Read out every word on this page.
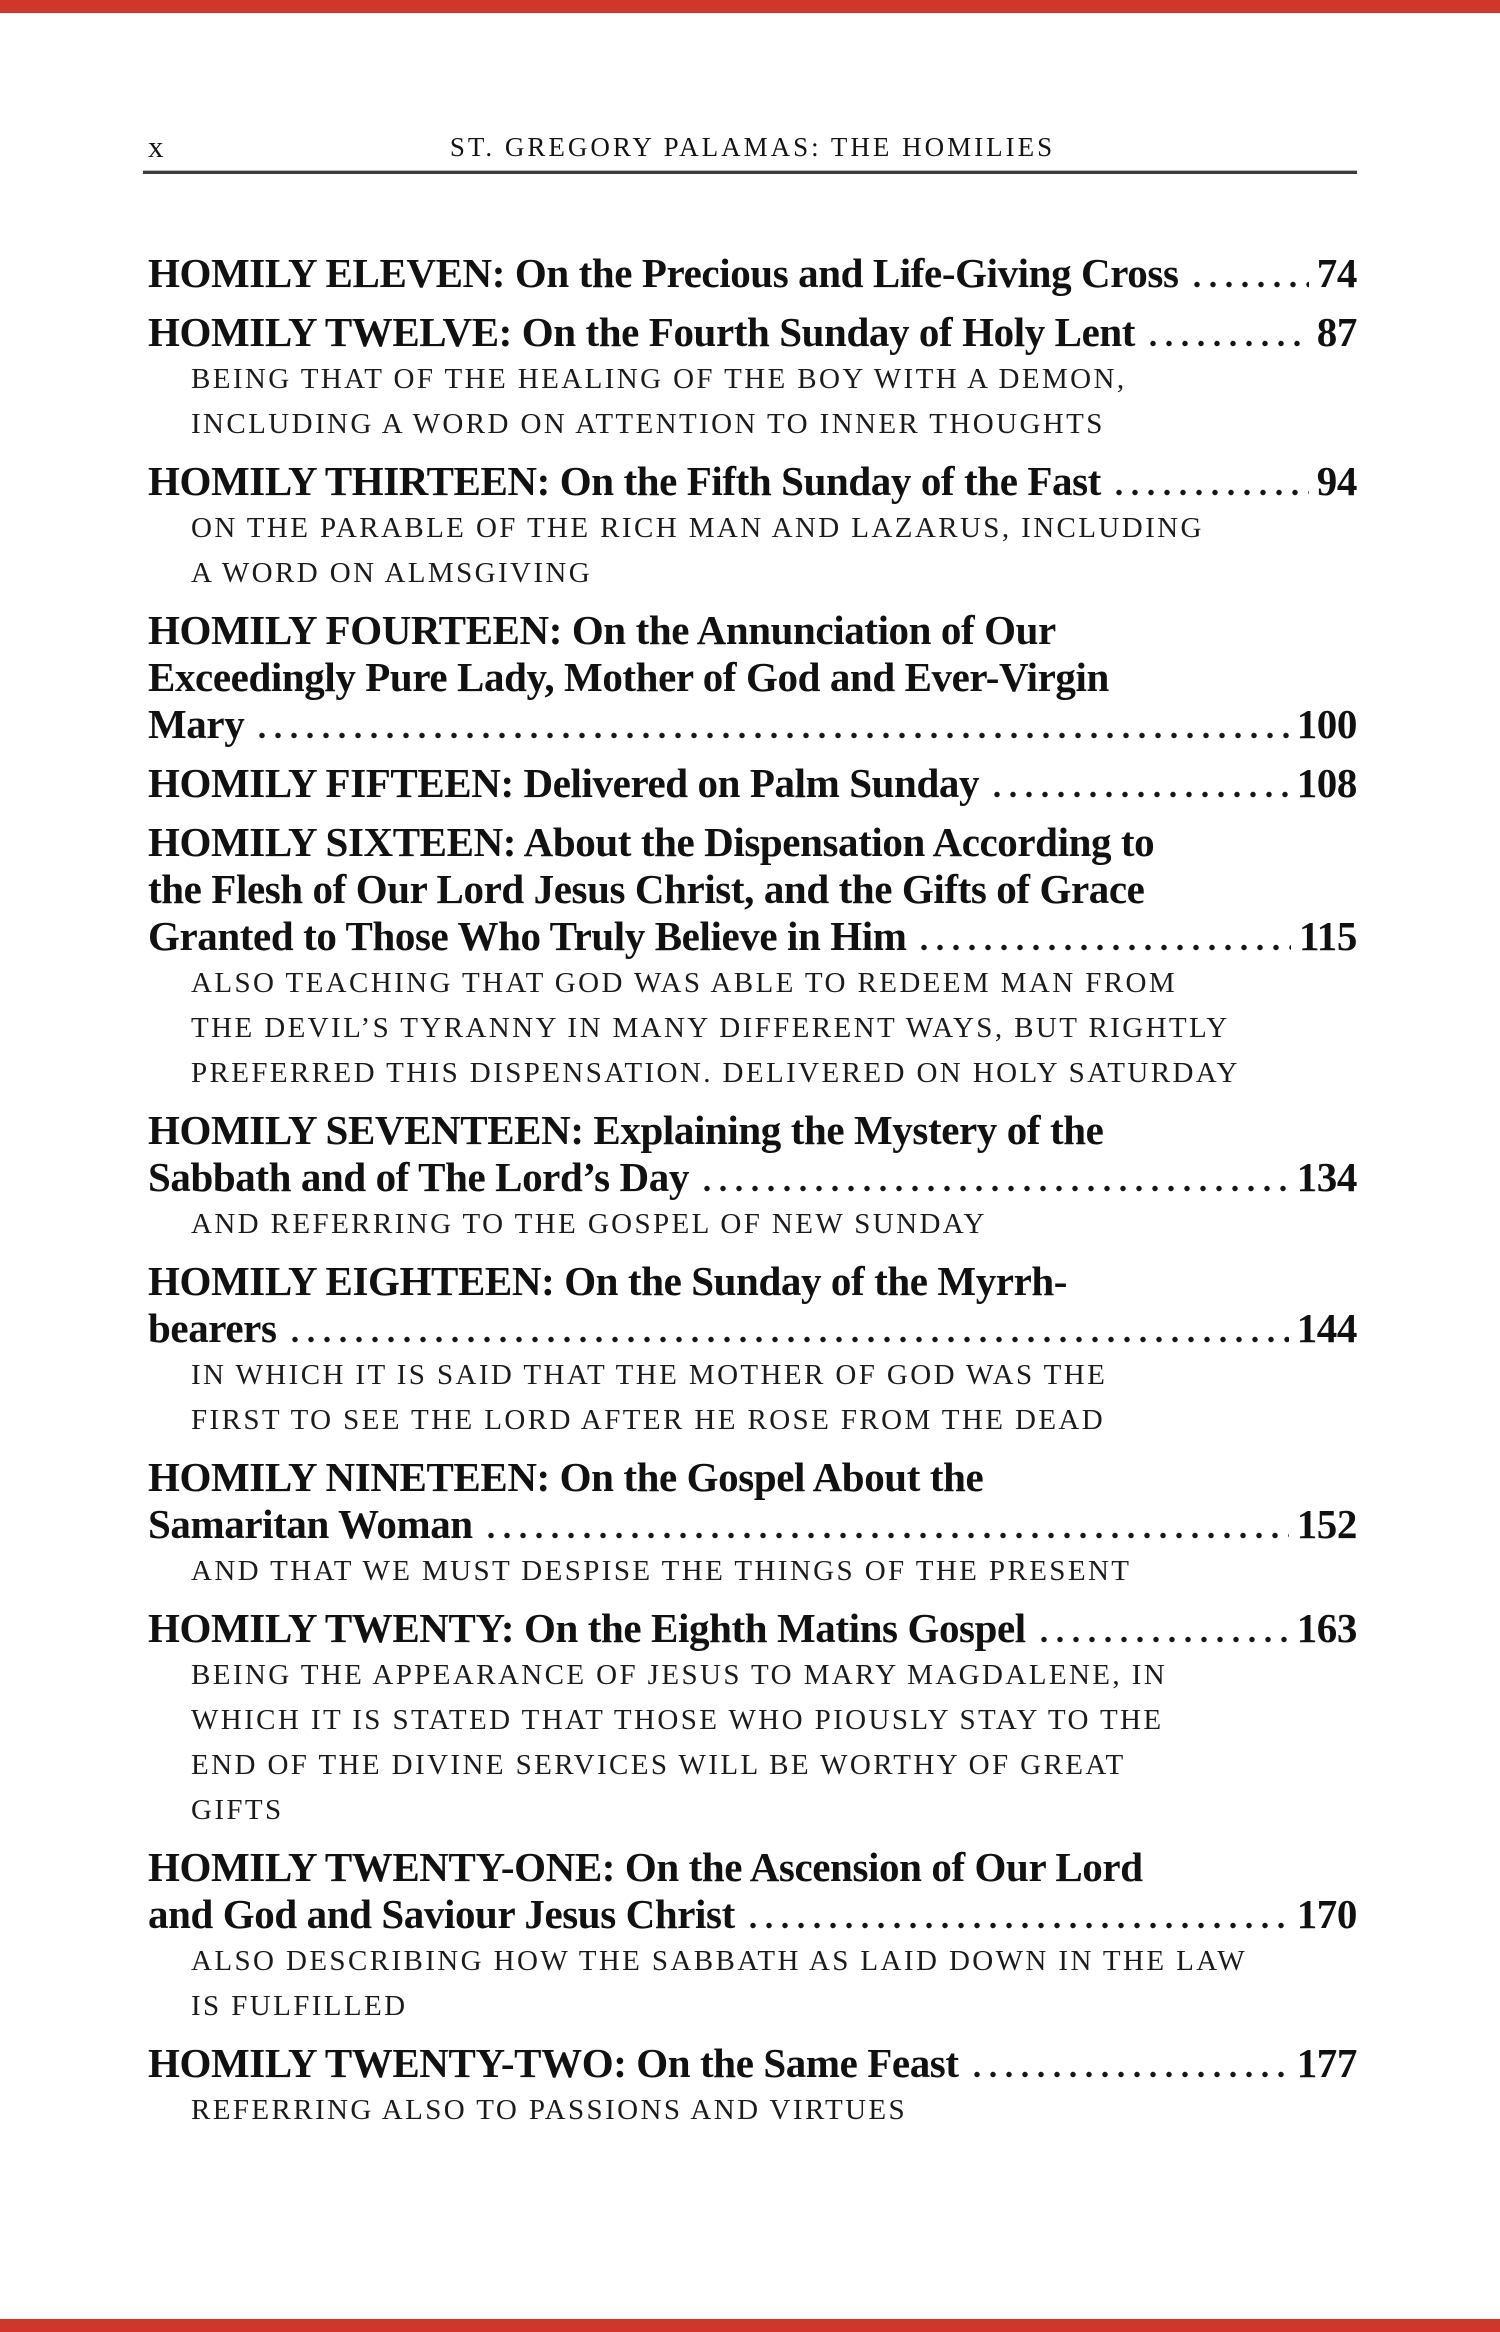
x	ST. GREGORY PALAMAS: THE HOMILIES

HOMILY ELEVEN: On the Precious and Life-Giving Cross	74

HOMILY TWELVE: On the Fourth Sunday of Holy Lent	87

BEING THAT OF THE HEALING OF THE BOY WITH A DEMON,

INCLUDING A WORD ON ATTENTION TO INNER THOUGHTS

HOMILY THIRTEEN: On the Fifth Sunday of the Fast	94

ON THE PARABLE OF THE RICH MAN AND LAZARUS, INCLUDING

A WORD ON ALMSGIVING

HOMILY FOURTEEN: On the Annunciation of Our

Exceedingly Pure Lady, Mother of God and Ever-Virgin

Mary	100

HOMILY FIFTEEN: Delivered on Palm Sunday	108

HOMILY SIXTEEN: About the Dispensation According to

the Flesh of Our Lord Jesus Christ, and the Gifts of Grace

Granted to Those Who Truly Believe in Him	115

ALSO TEACHING THAT GOD WAS ABLE TO REDEEM MAN FROM

THE DEVIL’S TYRANNY IN MANY DIFFERENT WAYS, BUT RIGHTLY

PREFERRED THIS DISPENSATION. DELIVERED ON HOLY SATURDAY

HOMILY SEVENTEEN: Explaining the Mystery of the

Sabbath and of The Lord’s Day	134

AND REFERRING TO THE GOSPEL OF NEW SUNDAY

HOMILY EIGHTEEN: On the Sunday of the Myrrh-

bearers	144

IN WHICH IT IS SAID THAT THE MOTHER OF GOD WAS THE

FIRST TO SEE THE LORD AFTER HE ROSE FROM THE DEAD

HOMILY NINETEEN: On the Gospel About the

Samaritan Woman	152

AND THAT WE MUST DESPISE THE THINGS OF THE PRESENT

HOMILY TWENTY: On the Eighth Matins Gospel	163

BEING THE APPEARANCE OF JESUS TO MARY MAGDALENE, IN

WHICH IT IS STATED THAT THOSE WHO PIOUSLY STAY TO THE

END OF THE DIVINE SERVICES WILL BE WORTHY OF GREAT

GIFTS

HOMILY TWENTY-ONE: On the Ascension of Our Lord

and God and Saviour Jesus Christ	170

ALSO DESCRIBING HOW THE SABBATH AS LAID DOWN IN THE LAW

IS FULFILLED

HOMILY TWENTY-TWO: On the Same Feast	177

REFERRING ALSO TO PASSIONS AND VIRTUES
